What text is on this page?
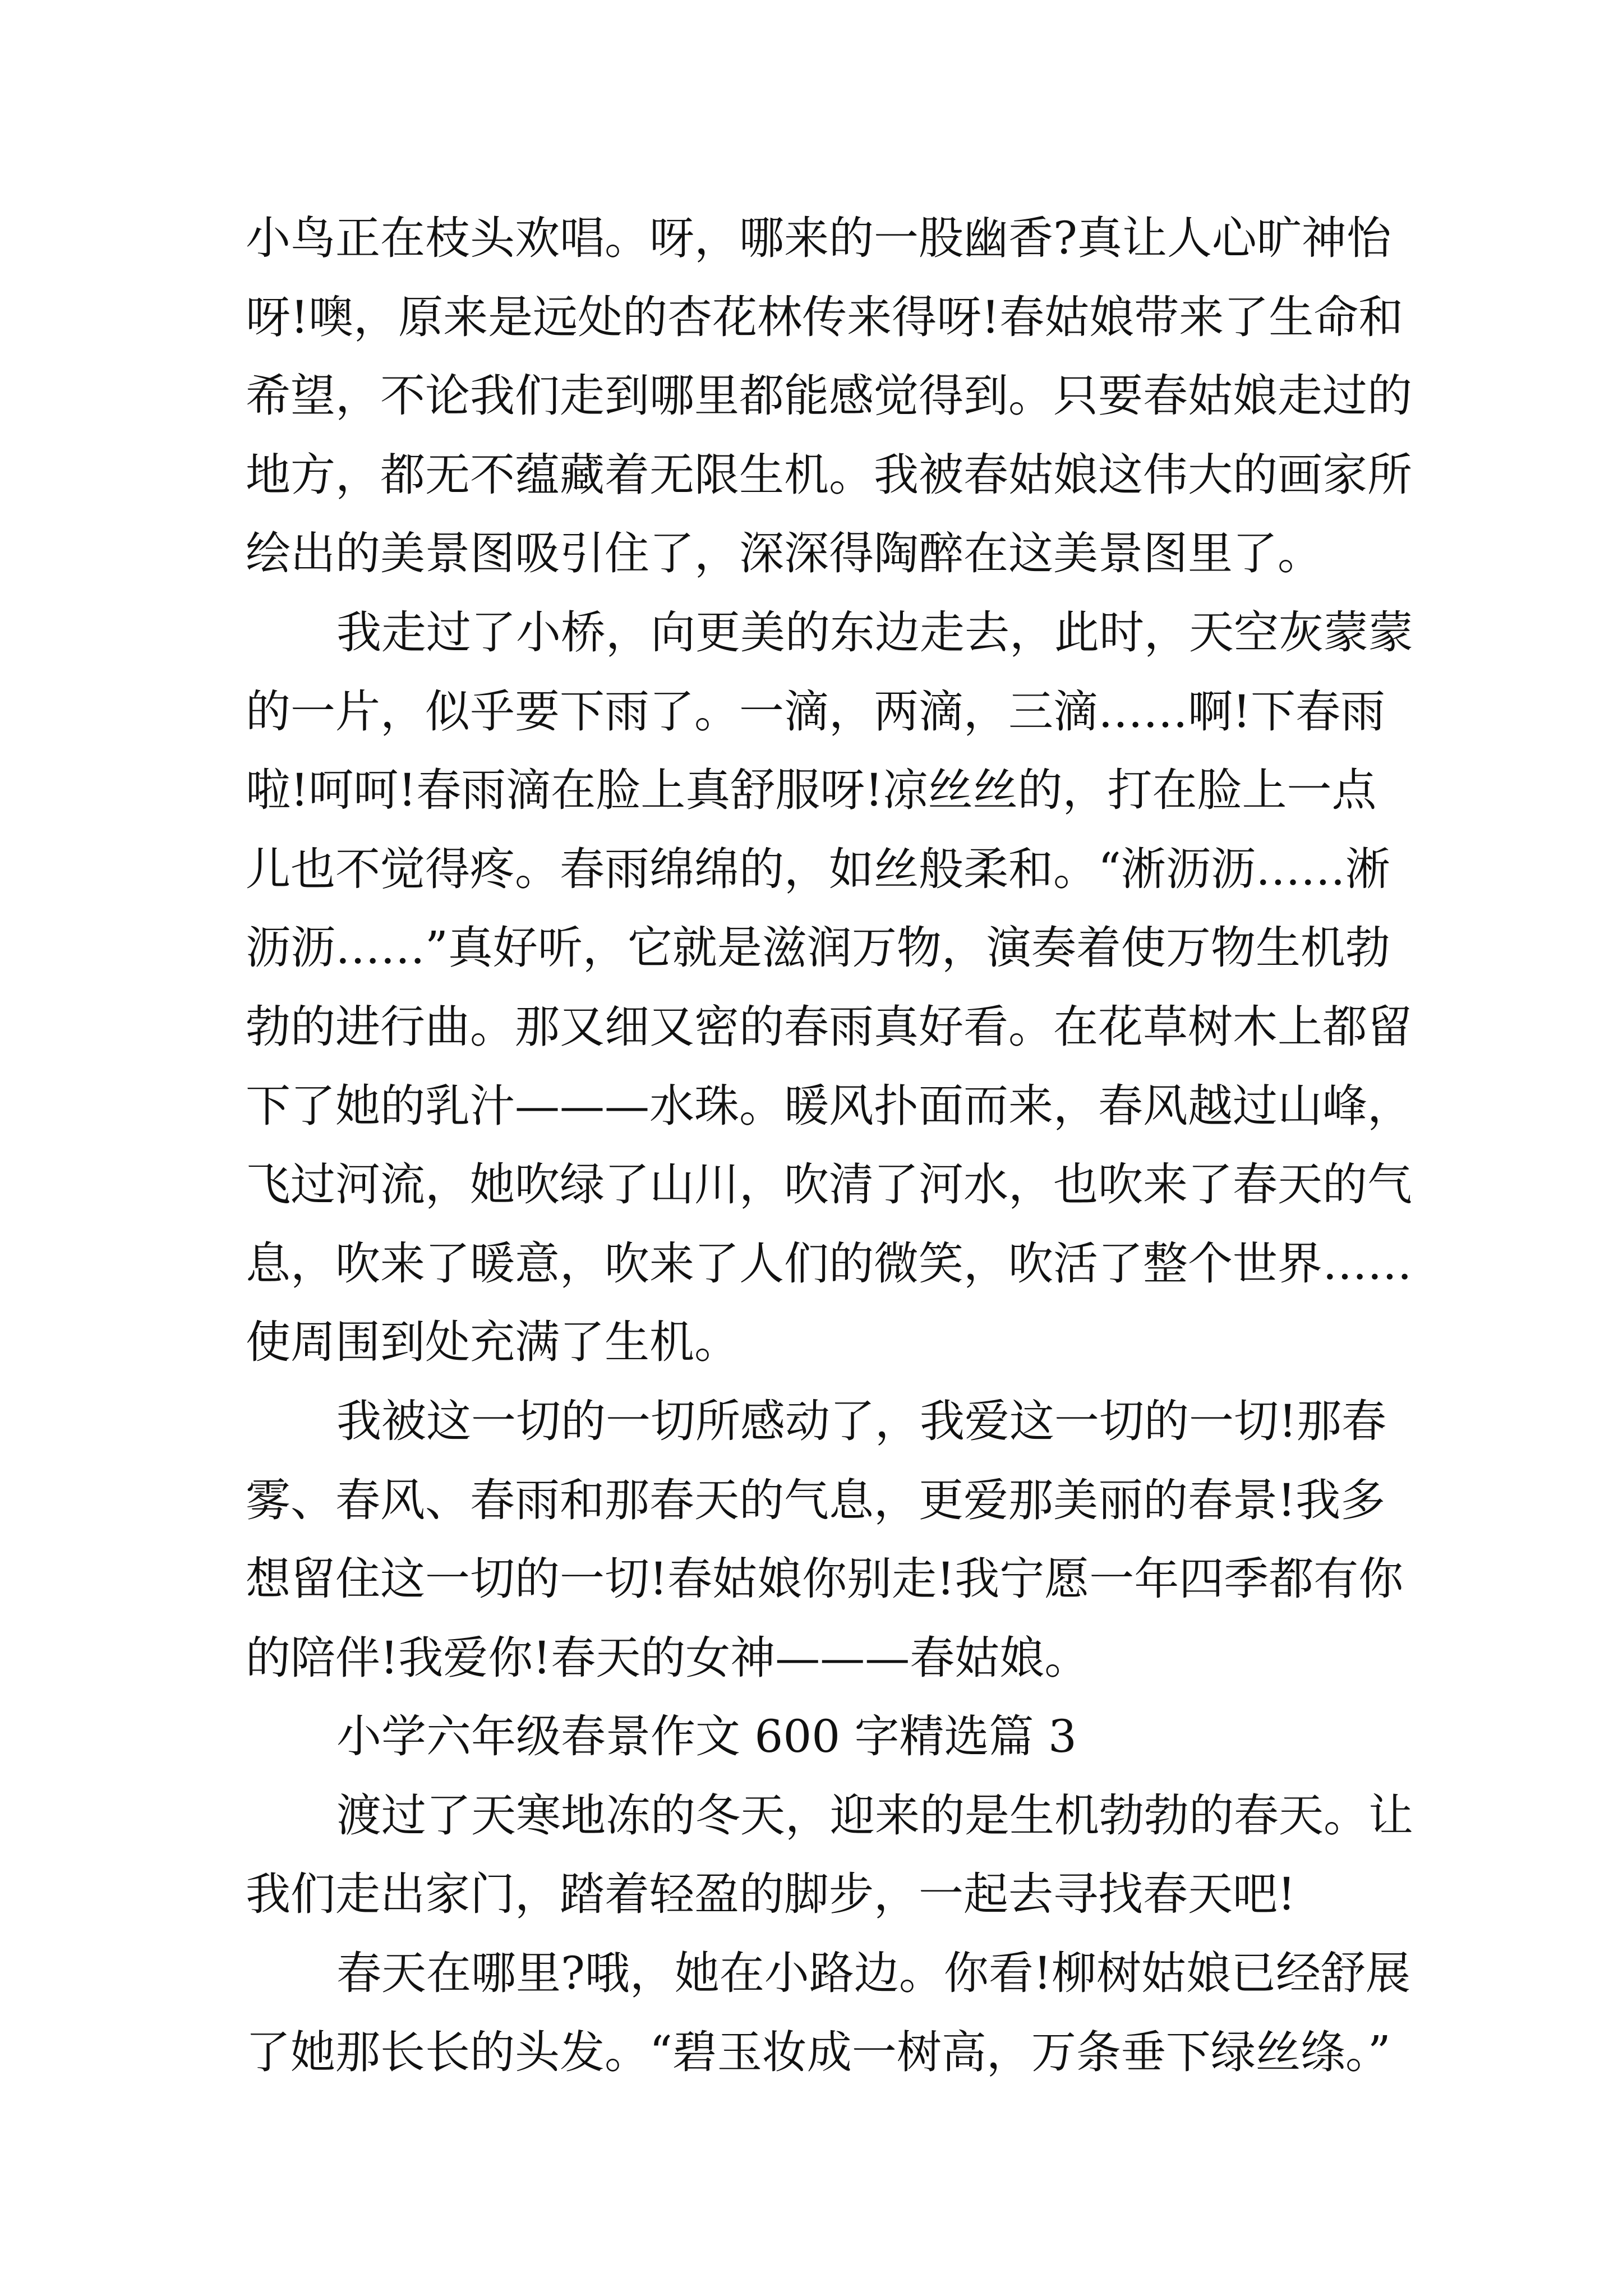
小鸟正在枝头欢唱。呀，哪来的一股幽香?真让人心旷神怡
呀!噢，原来是远处的杏花林传来得呀!春姑娘带来了生命和
希望，不论我们走到哪里都能感觉得到。只要春姑娘走过的
地方，都无不蕴藏着无限生机。我被春姑娘这伟大的画家所
绘出的美景图吸引住了，深深得陶醉在这美景图里了。
我走过了小桥，向更美的东边走去，此时，天空灰蒙蒙
的一片，似乎要下雨了。一滴，两滴，三滴……啊!下春雨
啦!呵呵!春雨滴在脸上真舒服呀!凉丝丝的，打在脸上一点
儿也不觉得疼。春雨绵绵的，如丝般柔和。“淅沥沥……淅
沥沥……”真好听，它就是滋润万物，演奏着使万物生机勃
勃的进行曲。那又细又密的春雨真好看。在花草树木上都留
下了她的乳汁———水珠。暖风扑面而来，春风越过山峰，
飞过河流，她吹绿了山川，吹清了河水，也吹来了春天的气
息，吹来了暖意，吹来了人们的微笑，吹活了整个世界……
使周围到处充满了生机。
我被这一切的一切所感动了，我爱这一切的一切!那春
雾、春风、春雨和那春天的气息，更爱那美丽的春景!我多
想留住这一切的一切!春姑娘你别走!我宁愿一年四季都有你
的陪伴!我爱你!春天的女神———春姑娘。
小学六年级春景作文 600 字精选篇 3
渡过了天寒地冻的冬天，迎来的是生机勃勃的春天。让
我们走出家门，踏着轻盈的脚步，一起去寻找春天吧!
春天在哪里?哦，她在小路边。你看!柳树姑娘已经舒展
了她那长长的头发。“碧玉妆成一树高，万条垂下绿丝绦。”
